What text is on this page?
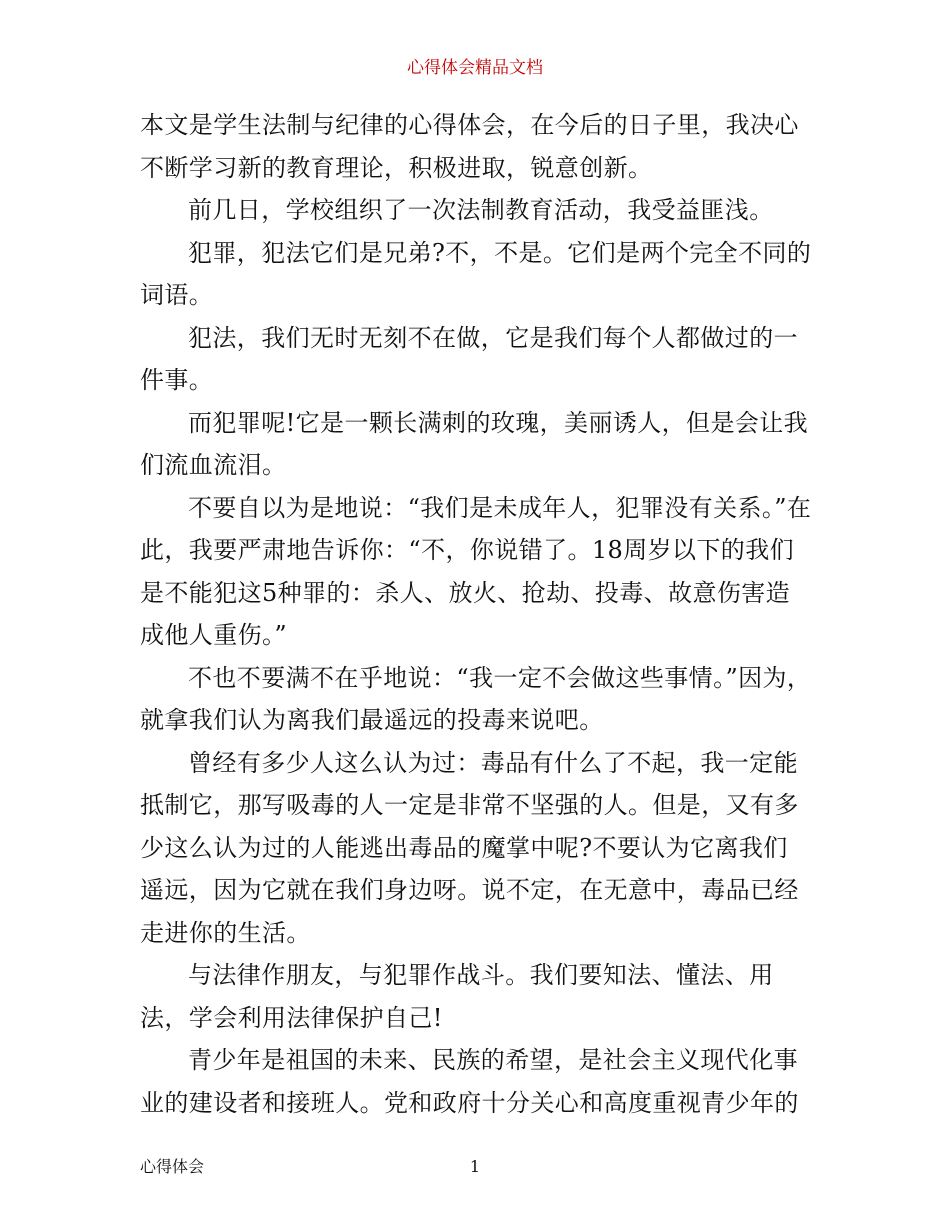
心得体会精品文档

本文是学生法制与纪律的心得体会，在今后的日子里，我决心不断学习新的教育理论，积极进取，锐意创新。

前几日，学校组织了一次法制教育活动，我受益匪浅。

犯罪，犯法它们是兄弟?不，不是。它们是两个完全不同的词语。

犯法，我们无时无刻不在做，它是我们每个人都做过的一件事。

而犯罪呢!它是一颗长满刺的玫瑰，美丽诱人，但是会让我们流血流泪。

不要自以为是地说：“我们是未成年人，犯罪没有关系。”在此，我要严肃地告诉你：“不，你说错了。18周岁以下的我们是不能犯这5种罪的：杀人、放火、抢劫、投毒、故意伤害造成他人重伤。”

不也不要满不在乎地说：“我一定不会做这些事情。”因为，就拿我们认为离我们最遥远的投毒来说吧。

曾经有多少人这么认为过：毒品有什么了不起，我一定能抵制它，那写吸毒的人一定是非常不坚强的人。但是，又有多少这么认为过的人能逃出毒品的魔掌中呢?不要认为它离我们遥远，因为它就在我们身边呀。说不定，在无意中，毒品已经走进你的生活。

与法律作朋友，与犯罪作战斗。我们要知法、懂法、用法，学会利用法律保护自己!

青少年是祖国的未来、民族的希望，是社会主义现代化事业的建设者和接班人。党和政府十分关心和高度重视青少年的

心得体会	1
